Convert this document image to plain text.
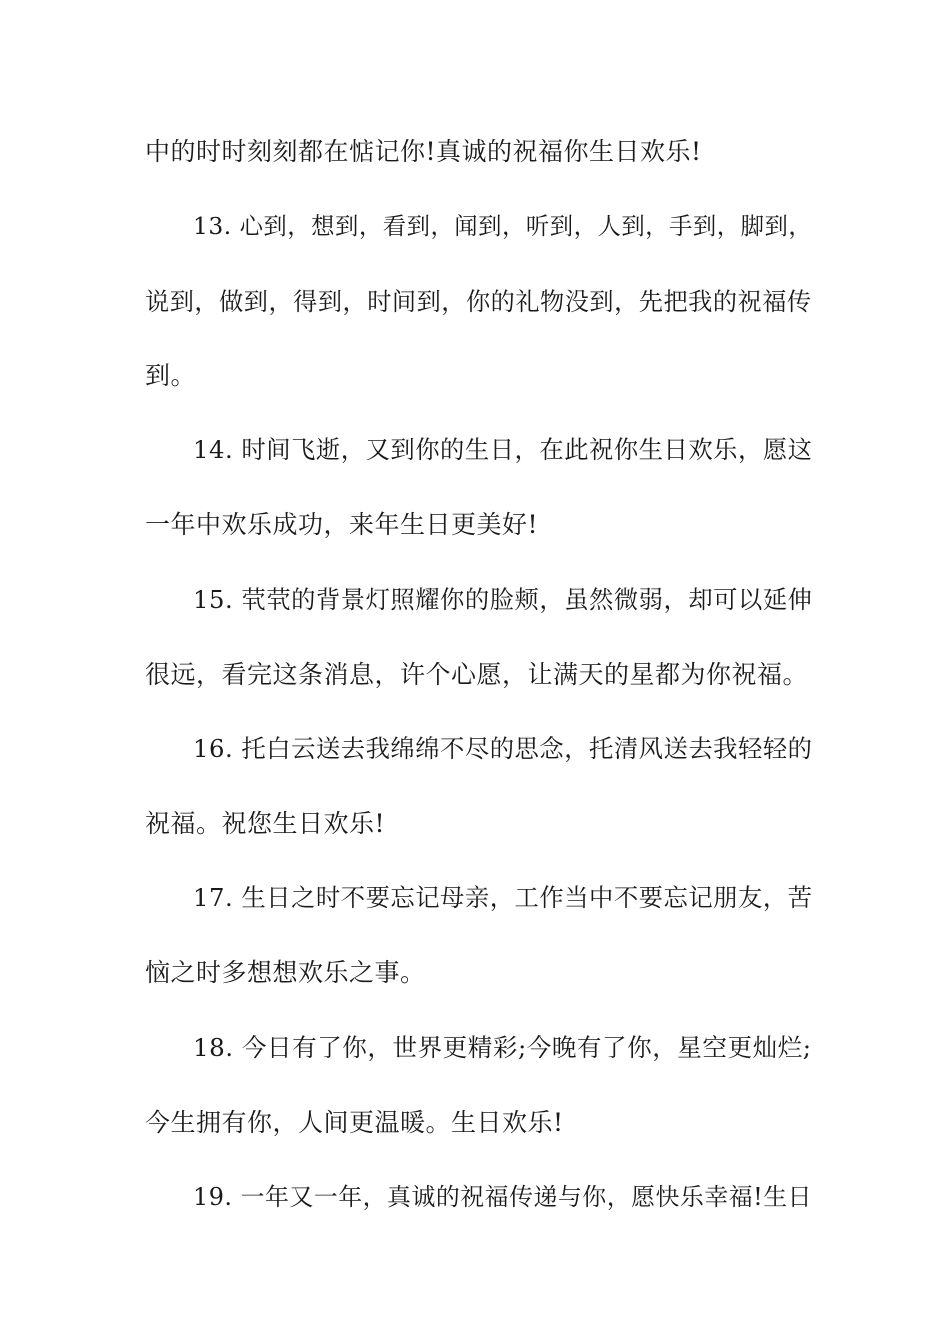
中的时时刻刻都在惦记你!真诚的祝福你生日欢乐!
13. 心到，想到，看到，闻到，听到，人到，手到，脚到，
说到，做到，得到，时间到，你的礼物没到，先把我的祝福传
到。
14. 时间飞逝，又到你的生日，在此祝你生日欢乐，愿这
一年中欢乐成功，来年生日更美好!
15. 茕茕的背景灯照耀你的脸颊，虽然微弱，却可以延伸
很远，看完这条消息，许个心愿，让满天的星都为你祝福。
16. 托白云送去我绵绵不尽的思念，托清风送去我轻轻的
祝福。祝您生日欢乐!
17. 生日之时不要忘记母亲，工作当中不要忘记朋友，苦
恼之时多想想欢乐之事。
18. 今日有了你，世界更精彩;今晚有了你，星空更灿烂;
今生拥有你，人间更温暖。生日欢乐!
19. 一年又一年，真诚的祝福传递与你，愿快乐幸福!生日
